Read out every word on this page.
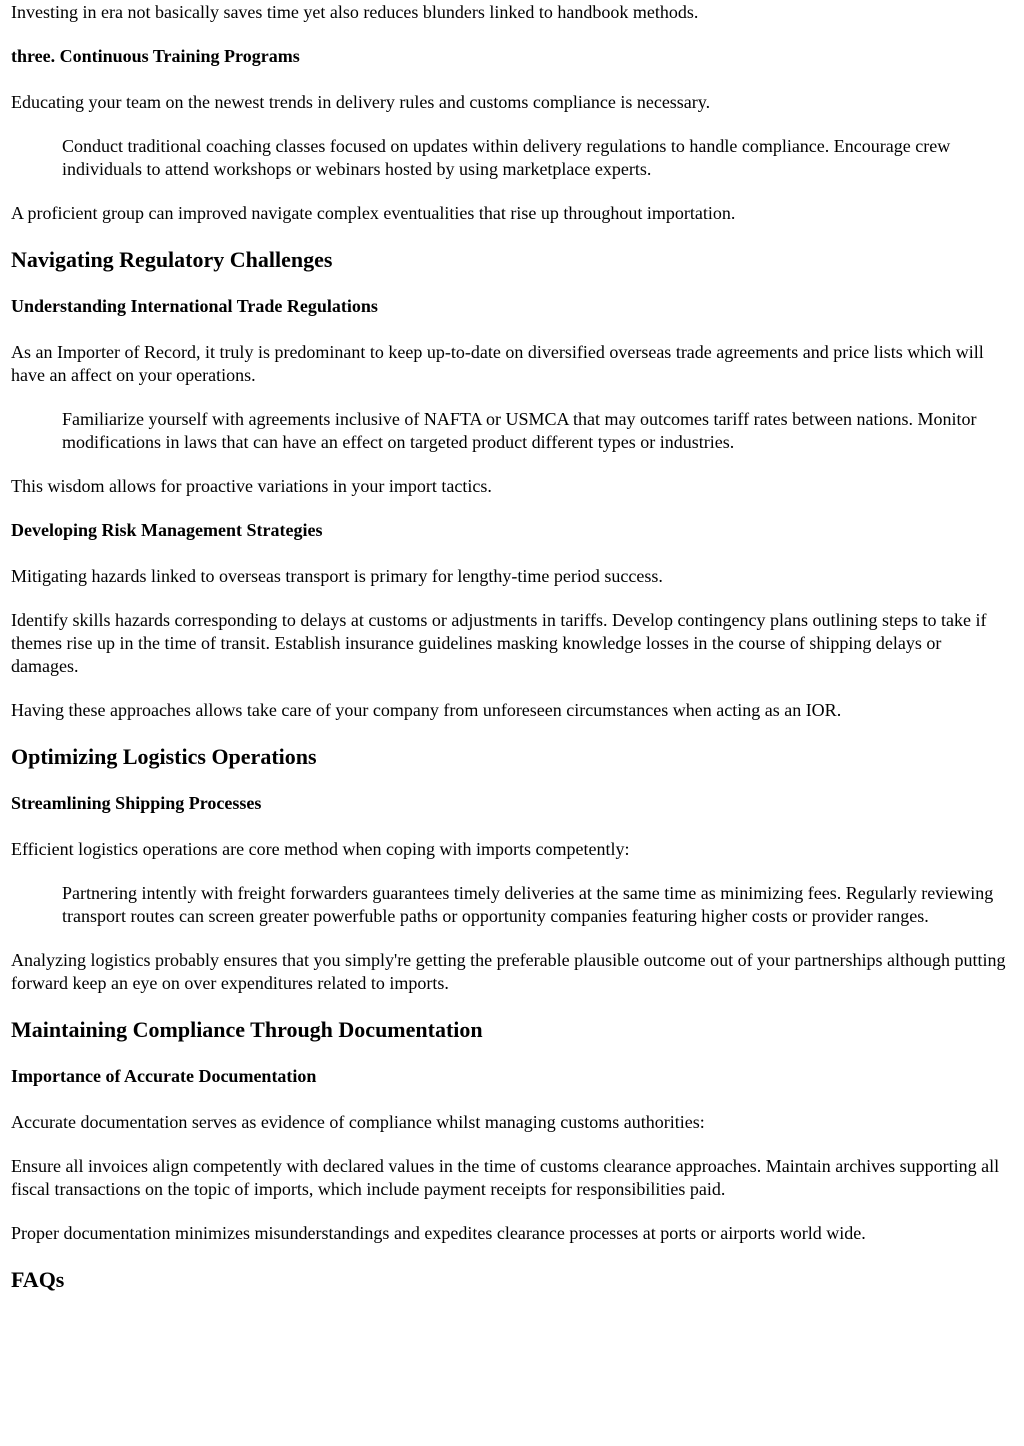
Investing in era not basically saves time yet also reduces blunders linked to handbook methods.

three. Continuous Training Programs

Educating your team on the newest trends in delivery rules and customs compliance is necessary.

Conduct traditional coaching classes focused on updates within delivery regulations to handle compliance. Encourage crew individuals to attend workshops or webinars hosted by using marketplace experts.

A proficient group can improved navigate complex eventualities that rise up throughout importation.

Navigating Regulatory Challenges
Understanding International Trade Regulations

As an Importer of Record, it truly is predominant to keep up-to-date on diversified overseas trade agreements and price lists which will have an affect on your operations.

Familiarize yourself with agreements inclusive of NAFTA or USMCA that may outcomes tariff rates between nations. Monitor modifications in laws that can have an effect on targeted product different types or industries.

This wisdom allows for proactive variations in your import tactics.

Developing Risk Management Strategies

Mitigating hazards linked to overseas transport is primary for lengthy-time period success.

Identify skills hazards corresponding to delays at customs or adjustments in tariffs. Develop contingency plans outlining steps to take if themes rise up in the time of transit. Establish insurance guidelines masking knowledge losses in the course of shipping delays or damages.

Having these approaches allows take care of your company from unforeseen circumstances when acting as an IOR.

Optimizing Logistics Operations
Streamlining Shipping Processes

Efficient logistics operations are core method when coping with imports competently:

Partnering intently with freight forwarders guarantees timely deliveries at the same time as minimizing fees. Regularly reviewing transport routes can screen greater powerfuble paths or opportunity companies featuring higher costs or provider ranges.

Analyzing logistics probably ensures that you simply're getting the preferable plausible outcome out of your partnerships although putting forward keep an eye on over expenditures related to imports.

Maintaining Compliance Through Documentation
Importance of Accurate Documentation

Accurate documentation serves as evidence of compliance whilst managing customs authorities:

Ensure all invoices align competently with declared values in the time of customs clearance approaches. Maintain archives supporting all fiscal transactions on the topic of imports, which include payment receipts for responsibilities paid.

Proper documentation minimizes misunderstandings and expedites clearance processes at ports or airports world wide.

FAQs
